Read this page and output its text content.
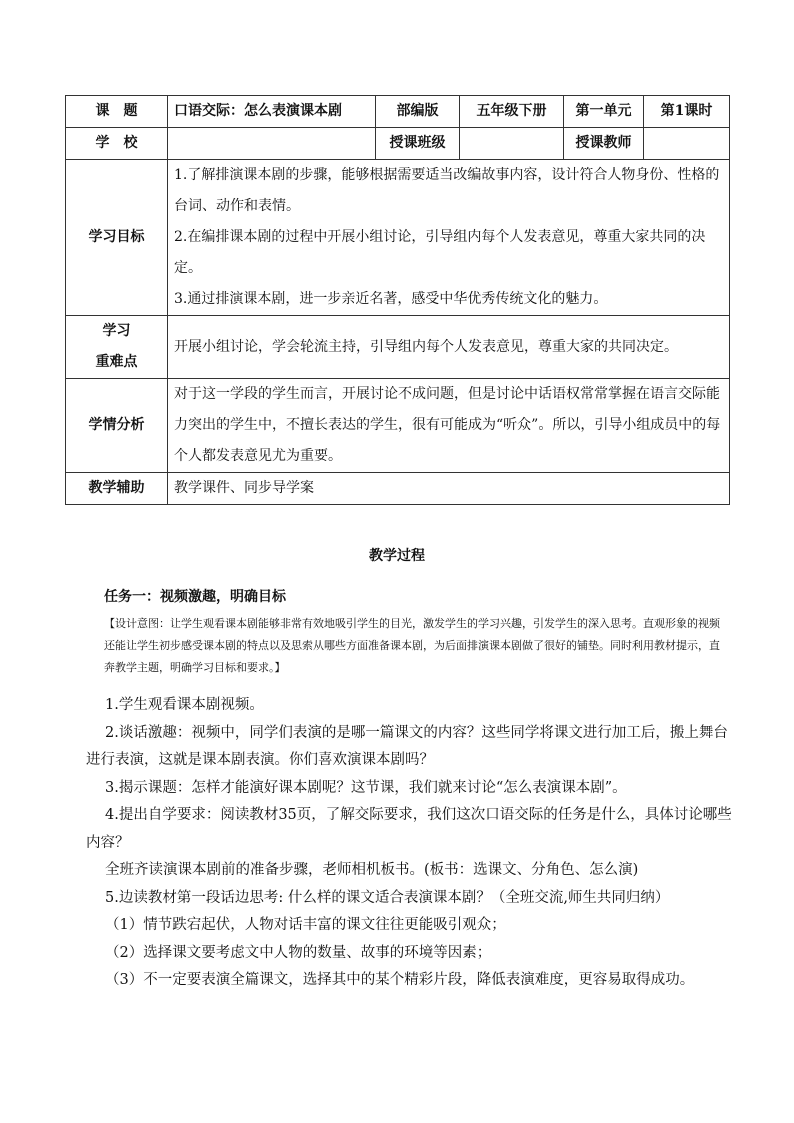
课　题	口语交际：怎么表演课本剧	部编版	五年级下册	第一单元	第1课时
学　校		授课班级		授课教师	
学习目标	1.了解排演课本剧的步骤，能够根据需要适当改编故事内容，设计符合人物身份、性格的台词、动作和表情。

2.在编排课本剧的过程中开展小组讨论，引导组内每个人发表意见，尊重大家共同的决定。

3.通过排演课本剧，进一步亲近名著，感受中华优秀传统文化的魅力。				

学习
重难点	开展小组讨论，学会轮流主持，引导组内每个人发表意见，尊重大家的共同决定。				
学情分析	对于这一学段的学生而言，开展讨论不成问题，但是讨论中话语权常常掌握在语言交际能力突出的学生中，不擅长表达的学生，很有可能成为“听众”。所以，引导小组成员中的每个人都发表意见尤为重要。				
教学辅助	教学课件、同步导学案				
教学过程
任务一：视频激趣，明确目标
【设计意图：让学生观看课本剧能够非常有效地吸引学生的目光，激发学生的学习兴趣，引发学生的深入思考。直观形象的视频还能让学生初步感受课本剧的特点以及思索从哪些方面准备课本剧，为后面排演课本剧做了很好的铺垫。同时利用教材提示，直奔教学主题，明确学习目标和要求。】

1.学生观看课本剧视频。

2.谈话激趣：视频中，同学们表演的是哪一篇课文的内容？这些同学将课文进行加工后，搬上舞台进行表演，这就是课本剧表演。你们喜欢演课本剧吗？

3.揭示课题：怎样才能演好课本剧呢？这节课，我们就来讨论“怎么表演课本剧”。

4.提出自学要求：阅读教材35页，了解交际要求，我们这次口语交际的任务是什么，具体讨论哪些内容？

全班齐读演课本剧前的准备步骤，老师相机板书。(板书：选课文、分角色、怎么演)

5.边读教材第一段话边思考: 什么样的课文适合表演课本剧？（全班交流,师生共同归纳）

（1）情节跌宕起伏，人物对话丰富的课文往往更能吸引观众；

（2）选择课文要考虑文中人物的数量、故事的环境等因素；

（3）不一定要表演全篇课文，选择其中的某个精彩片段，降低表演难度，更容易取得成功。
